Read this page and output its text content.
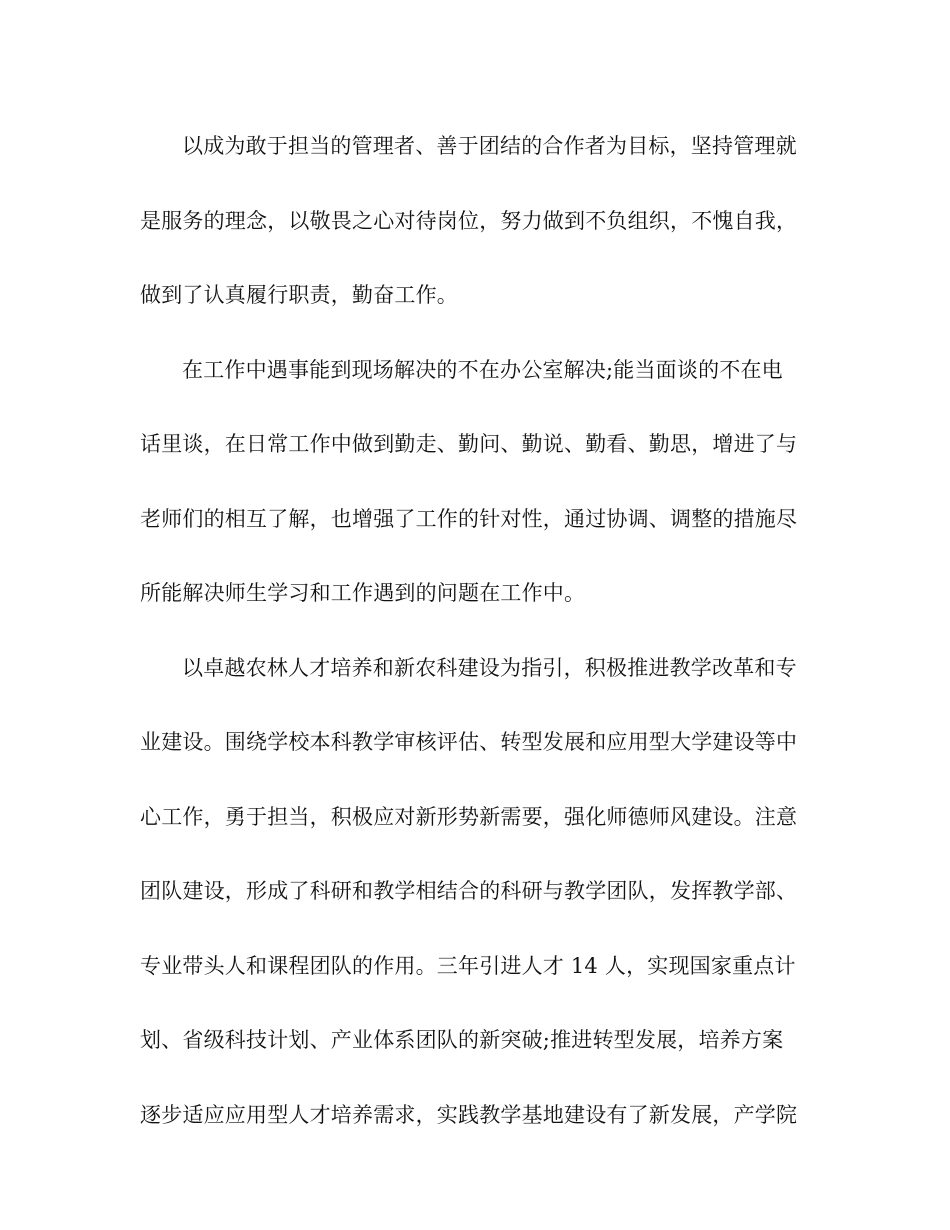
以成为敢于担当的管理者、善于团结的合作者为目标，坚持管理就
是服务的理念，以敬畏之心对待岗位，努力做到不负组织，不愧自我，
做到了认真履行职责，勤奋工作。
在工作中遇事能到现场解决的不在办公室解决;能当面谈的不在电
话里谈，在日常工作中做到勤走、勤问、勤说、勤看、勤思，增进了与
老师们的相互了解，也增强了工作的针对性，通过协调、调整的措施尽
所能解决师生学习和工作遇到的问题在工作中。
以卓越农林人才培养和新农科建设为指引，积极推进教学改革和专
业建设。围绕学校本科教学审核评估、转型发展和应用型大学建设等中
心工作，勇于担当，积极应对新形势新需要，强化师德师风建设。注意
团队建设，形成了科研和教学相结合的科研与教学团队，发挥教学部、
专业带头人和课程团队的作用。三年引进人才 14 人，实现国家重点计
划、省级科技计划、产业体系团队的新突破;推进转型发展，培养方案
逐步适应应用型人才培养需求，实践教学基地建设有了新发展，产学院
